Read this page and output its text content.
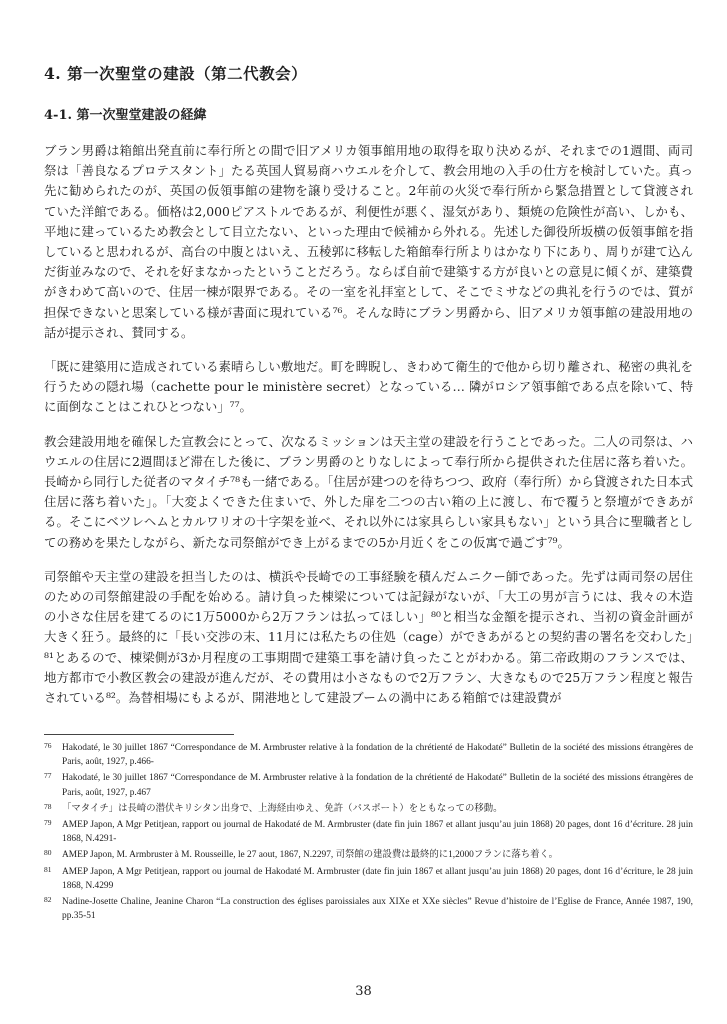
4. 第一次聖堂の建設（第二代教会）
4-1. 第一次聖堂建設の経緯

ブラン男爵は箱館出発直前に奉行所との間で旧アメリカ領事館用地の取得を取り決めるが、それまでの1週間、両司祭は「善良なるプロテスタント」たる英国人貿易商ハウエルを介して、教会用地の入手の仕方を検討していた。真っ先に勧められたのが、英国の仮領事館の建物を譲り受けること。2年前の火災で奉行所から緊急措置として貸渡されていた洋館である。価格は2,000ピアストルであるが、利便性が悪く、湿気があり、類焼の危険性が高い、しかも、平地に建っているため教会として目立たない、といった理由で候補から外れる。先述した御役所坂横の仮領事館を指していると思われるが、高台の中腹とはいえ、五稜郭に移転した箱館奉行所よりはかなり下にあり、周りが建て込んだ街並みなので、それを好まなかったということだろう。ならば自前で建築する方が良いとの意見に傾くが、建築費がきわめて高いので、住居一棟が限界である。その一室を礼拝室として、そこでミサなどの典礼を行うのでは、質が担保できないと思案している様が書面に現れている⁷⁶。そんな時にブラン男爵から、旧アメリカ領事館の建設用地の話が提示され、賛同する。

「既に建築用に造成されている素晴らしい敷地だ。町を睥睨し、きわめて衛生的で他から切り離され、秘密の典礼を行うための隠れ場（cachette pour le ministère secret）となっている… 隣がロシア領事館である点を除いて、特に面倒なことはこれひとつない」⁷⁷。

教会建設用地を確保した宣教会にとって、次なるミッションは天主堂の建設を行うことであった。二人の司祭は、ハウエルの住居に2週間ほど滞在した後に、ブラン男爵のとりなしによって奉行所から提供された住居に落ち着いた。長崎から同行した従者のマタイチ⁷⁸も一緒である。「住居が建つのを待ちつつ、政府（奉行所）から貸渡された日本式住居に落ち着いた」。「大変よくできた住まいで、外した扉を二つの古い箱の上に渡し、布で覆うと祭壇ができあがる。そこにベツレヘムとカルワリオの十字架を並べ、それ以外には家具らしい家具もない」という具合に聖職者としての務めを果たしながら、新たな司祭館ができ上がるまでの5か月近くをこの仮寓で過ごす⁷⁹。

司祭館や天主堂の建設を担当したのは、横浜や長崎での工事経験を積んだムニクー師であった。先ずは両司祭の居住のための司祭館建設の手配を始める。請け負った棟梁については記録がないが、「大工の男が言うには、我々の木造の小さな住居を建てるのに1万5000から2万フランは払ってほしい」⁸⁰と相当な金額を提示され、当初の資金計画が大きく狂う。最終的に「長い交渉の末、11月には私たちの住処（cage）ができあがるとの契約書の署名を交わした」⁸¹とあるので、棟梁側が3か月程度の工事期間で建築工事を請け負ったことがわかる。第二帝政期のフランスでは、地方都市で小教区教会の建設が進んだが、その費用は小さなもので2万フラン、大きなもので25万フラン程度と報告されている⁸²。為替相場にもよるが、開港地として建設ブームの渦中にある箱館では建設費が

76 Hakodaté, le 30 juillet 1867 “Correspondance de M. Armbruster relative à la fondation de la chrétienté de Hakodaté” Bulletin de la société des missions étrangères de Paris, août, 1927, p.466-

77 Hakodaté, le 30 juillet 1867 “Correspondance de M. Armbruster relative à la fondation de la chrétienté de Hakodaté” Bulletin de la société des missions étrangères de Paris, août, 1927, p.467

78 「マタイチ」は長崎の潜伏キリシタン出身で、上海経由ゆえ、免許（パスポート）をともなっての移動。

79 AMEP Japon, A Mgr Petitjean, rapport ou journal de Hakodaté de M. Armbruster (date fin juin 1867 et allant jusqu’au juin 1868) 20 pages, dont 16 d’écriture. 28 juin 1868, N.4291-

80 AMEP Japon, M. Armbruster à M. Rousseille, le 27 aout, 1867, N.2297, 司祭館の建設費は最終的に1,2000フランに落ち着く。

81 AMEP Japon, A Mgr Petitjean, rapport ou journal de Hakodaté M. Armbruster (date fin juin 1867 et allant jusqu’au juin 1868) 20 pages, dont 16 d’écriture, le 28 juin 1868, N.4299

82 Nadine-Josette Chaline, Jeanine Charon “La construction des églises paroissiales aux XIXe et XXe siècles” Revue d’histoire de l’Eglise de France, Année 1987, 190, pp.35-51

38
